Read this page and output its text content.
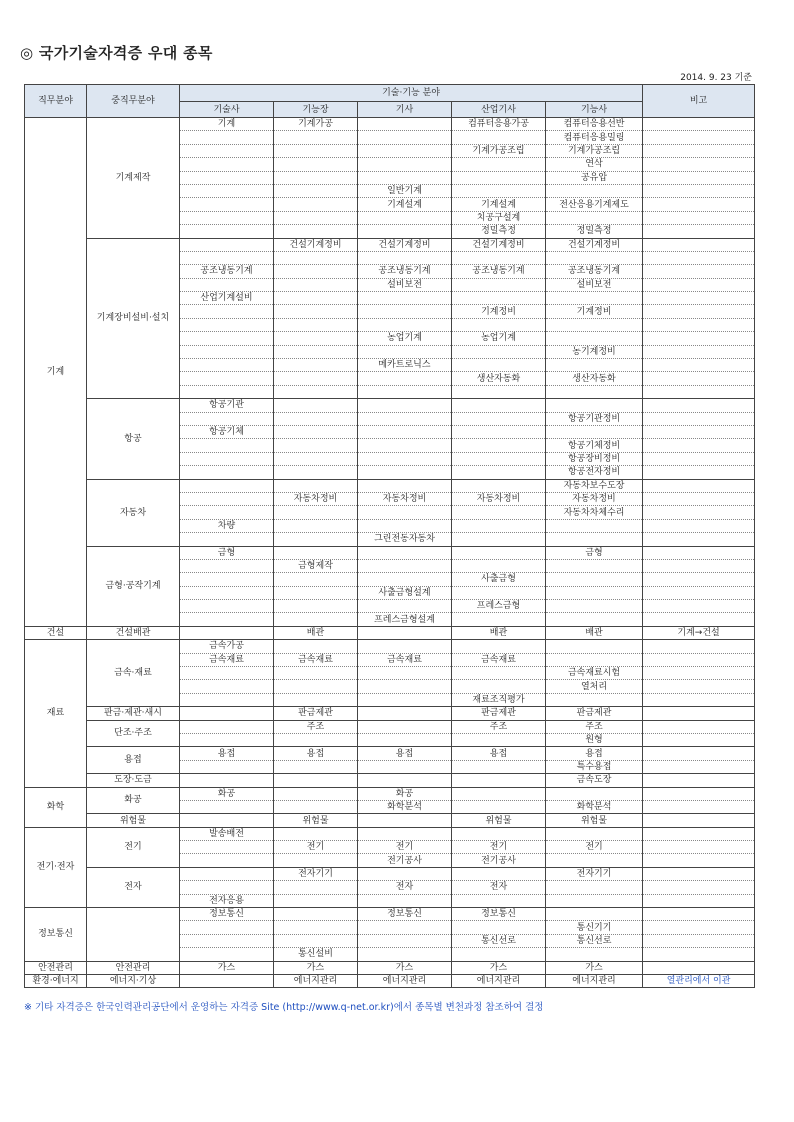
◎ 국가기술자격증 우대 종목
2014. 9. 23 기준
직무분야	중직무분야	기술·기능 분야					비고
		기술사	기능장	기사	산업기사	기능사	
기계	기계제작	기계	기계가공		컴퓨터응용가공	컴퓨터응용선반	
						컴퓨터응용밀링	
					기계가공조립	기계가공조립	
						연삭	
						공유압	
				일반기계			
				기계설계	기계설계	전산응용기계제도	
					치공구설계		
					정밀측정	정밀측정	
	기계장비설비·설치		건설기계정비	건설기계정비	건설기계정비	건설기계정비	

		공조냉동기계		공조냉동기계	공조냉동기계	공조냉동기계	
				설비보전		설비보전	
		산업기계설비					
					기계정비	기계정비	

				농업기계	농업기계		
						농기계정비	
				메카트로닉스			
					생산자동화	생산자동화	

	항공	항공기관					
						항공기관정비	
		항공기체					
						항공기체정비	
						항공장비정비	
						항공전자정비	
	자동차					자동차보수도장	
			자동차정비	자동차정비	자동차정비	자동차정비	
						자동차차체수리	
		차량					
				그린전동자동차			
	금형·공작기계	금형				금형	
			금형제작				
					사출금형		
				사출금형설계			
					프레스금형		
				프레스금형설계			
건설	건설배관		배관		배관	배관	기계→건설
재료	금속·재료	금속가공					
		금속재료	금속재료	금속재료	금속재료		
						금속재료시험	
						열처리	
					재료조직평가		
	판금·제관·새시		판금제관		판금제관	판금제관	
	단조·주조		주조		주조	주조	
						원형	
	용접	용접	용접	용접	용접	용접	
						특수용접	
	도장·도금					금속도장	
화학	화공	화공		화공			
				화학분석		화학분석	
	위험물		위험물		위험물	위험물	
전기·전자	전기	발송배전					
			전기	전기	전기	전기	
				전기공사	전기공사		
	전자		전자기기			전자기기	
				전자	전자		
		전자응용					
정보통신		정보통신		정보통신	정보통신		
						통신기기	
					통신선로	통신선로	
			통신설비				
안전관리	안전관리	가스	가스	가스	가스	가스	
환경·에너지	에너지·기상		에너지관리	에너지관리	에너지관리	에너지관리	열관리에서 이관
※ 기타 자격증은 한국인력관리공단에서 운영하는 자격증 Site (http://www.q-net.or.kr)에서 종목별 변천과정 참조하여 결정
